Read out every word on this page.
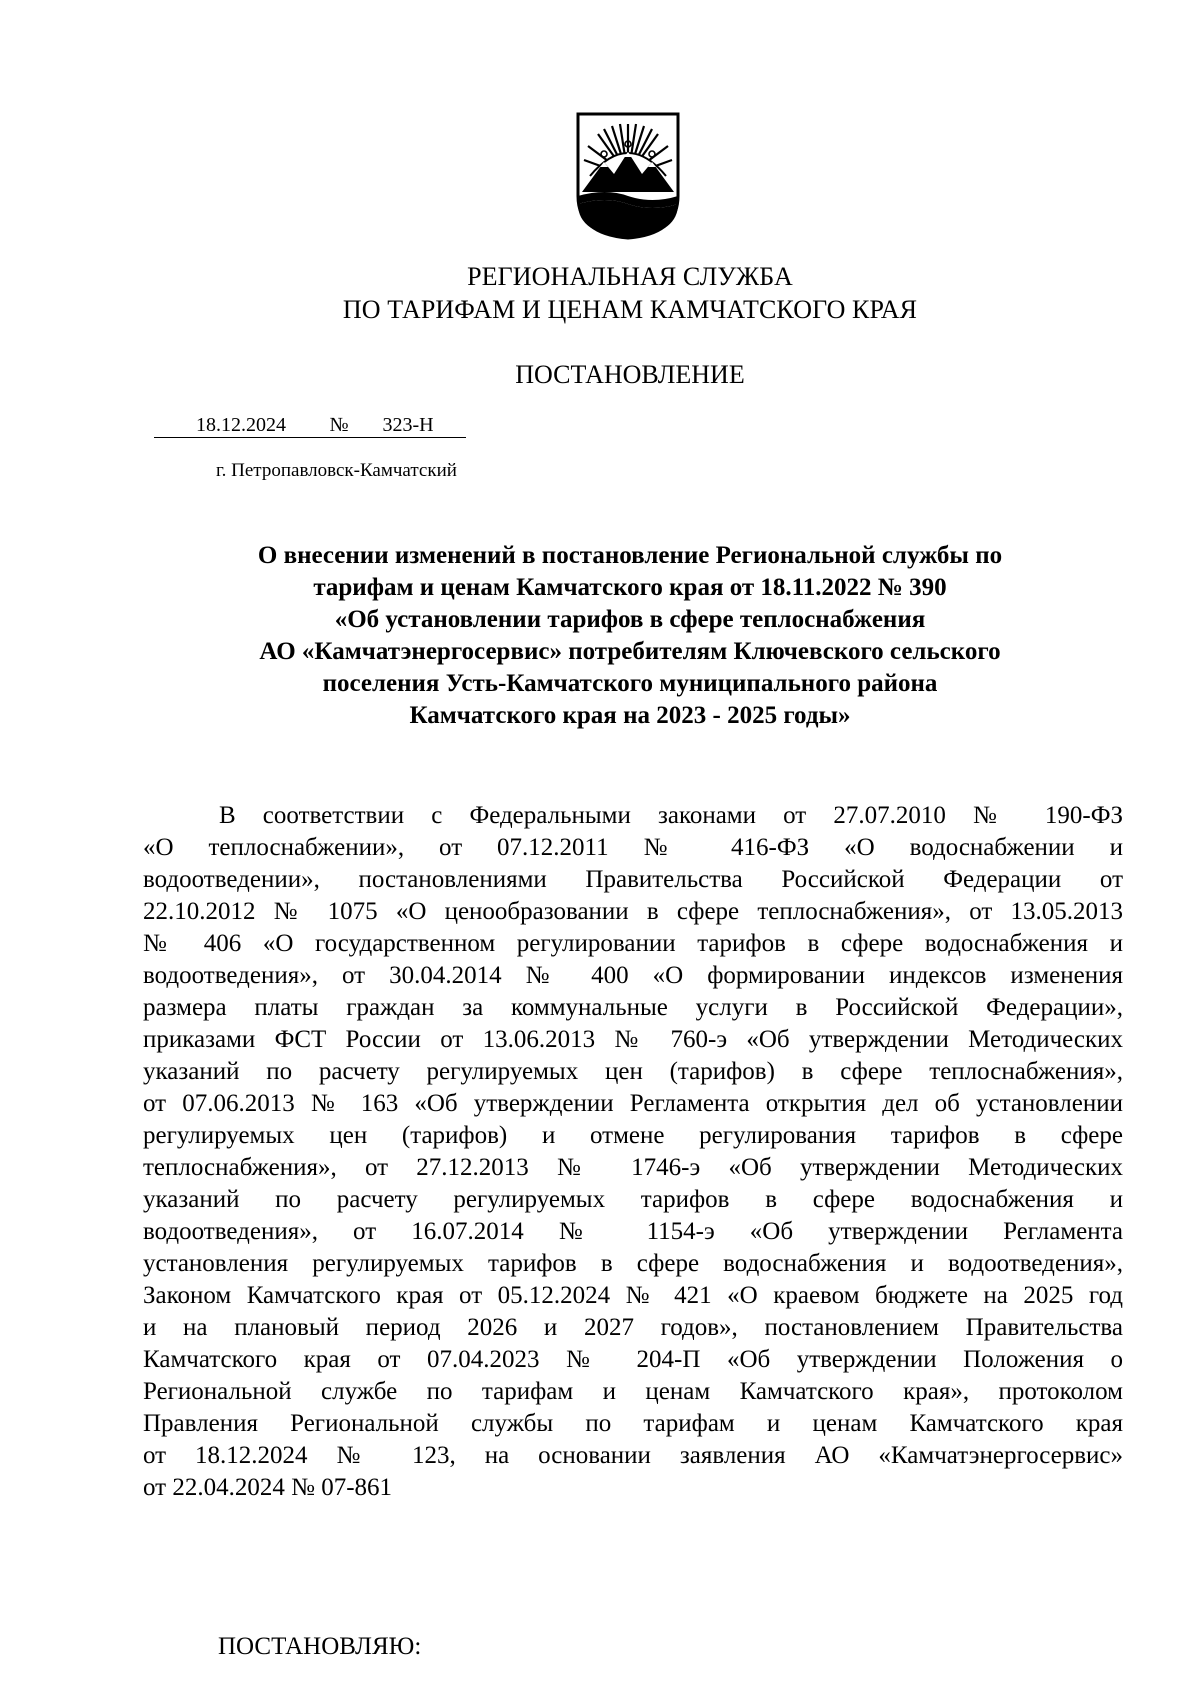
РЕГИОНАЛЬНАЯ СЛУЖБА
ПО ТАРИФАМ И ЦЕНАМ КАМЧАТСКОГО КРАЯ
ПОСТАНОВЛЕНИЕ
18.12.2024 № 323-Н
г. Петропавловск-Камчатский
О внесении изменений в постановление Региональной службы по
тарифам и ценам Камчатского края от 18.11.2022 № 390
«Об установлении тарифов в сфере теплоснабжения
АО «Камчатэнергосервис» потребителям Ключевского сельского
поселения Усть-Камчатского муниципального района
Камчатского края на 2023 - 2025 годы»
В соответствии с Федеральными законами от 27.07.2010 № 190-ФЗ
«О теплоснабжении», от 07.12.2011 № 416-ФЗ «О водоснабжении и
водоотведении», постановлениями Правительства Российской Федерации от
22.10.2012 № 1075 «О ценообразовании в сфере теплоснабжения», от 13.05.2013
№ 406 «О государственном регулировании тарифов в сфере водоснабжения и
водоотведения», от 30.04.2014 № 400 «О формировании индексов изменения
размера платы граждан за коммунальные услуги в Российской Федерации»,
приказами ФСТ России от 13.06.2013 № 760-э «Об утверждении Методических
указаний по расчету регулируемых цен (тарифов) в сфере теплоснабжения»,
от 07.06.2013 № 163 «Об утверждении Регламента открытия дел об установлении
регулируемых цен (тарифов) и отмене регулирования тарифов в сфере
теплоснабжения», от 27.12.2013 № 1746-э «Об утверждении Методических
указаний по расчету регулируемых тарифов в сфере водоснабжения и
водоотведения», от 16.07.2014 № 1154-э «Об утверждении Регламента
установления регулируемых тарифов в сфере водоснабжения и водоотведения»,
Законом Камчатского края от 05.12.2024 № 421 «О краевом бюджете на 2025 год
и на плановый период 2026 и 2027 годов», постановлением Правительства
Камчатского края от 07.04.2023 № 204-П «Об утверждении Положения о
Региональной службе по тарифам и ценам Камчатского края», протоколом
Правления Региональной службы по тарифам и ценам Камчатского края
от 18.12.2024 № 123, на основании заявления АО «Камчатэнергосервис»
от 22.04.2024 № 07-861
ПОСТАНОВЛЯЮ:
